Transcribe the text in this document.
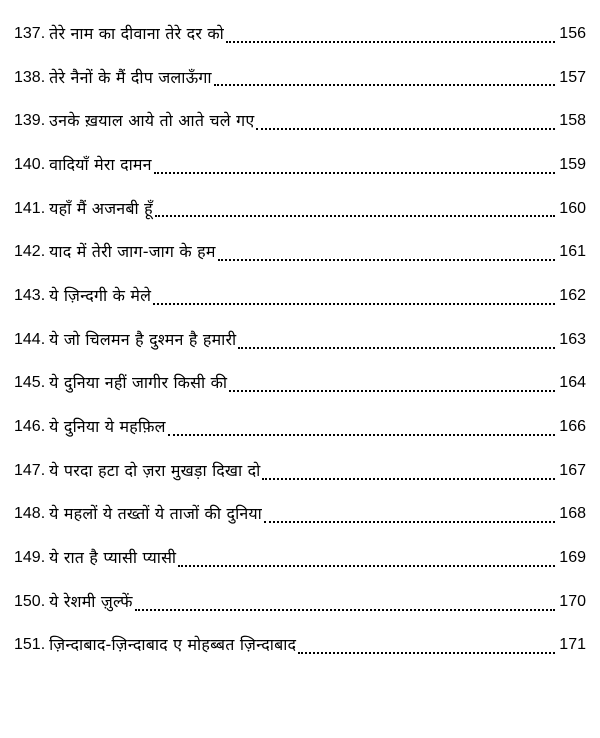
137. तेरे नाम का दीवाना तेरे दर को	156
138. तेरे नैनों के मैं दीप जलाऊँगा	157
139. उनके ख़याल आये तो आते चले गए	158
140. वादियाँ मेरा दामन	159
141. यहाँ मैं अजनबी हूँ	160
142. याद में तेरी जाग-जाग के हम	161
143. ये ज़िन्दगी के मेले	162
144. ये जो चिलमन है दुश्मन है हमारी	163
145. ये दुनिया नहीं जागीर किसी की	164
146. ये दुनिया ये महफ़िल	166
147. ये परदा हटा दो ज़रा मुखड़ा दिखा दो	167
148. ये महलों ये तख्तों ये ताजों की दुनिया	168
149. ये रात है प्यासी प्यासी	169
150. ये रेशमी ज़ुल्फें	170
151. ज़िन्दाबाद-ज़िन्दाबाद ए मोहब्बत ज़िन्दाबाद	171
